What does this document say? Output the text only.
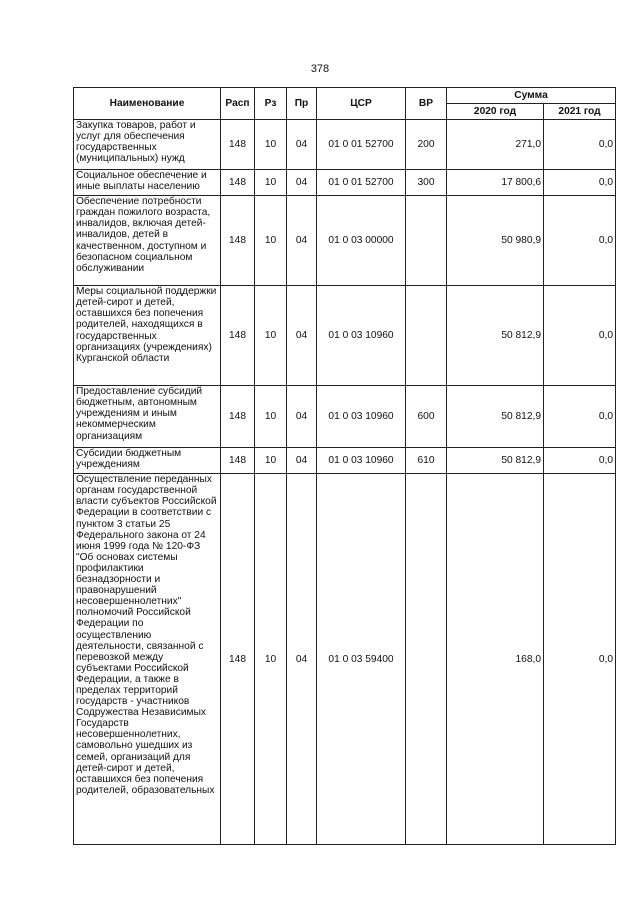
378
Наименование	Расп	Рз	Пр	ЦСР	ВР	Сумма	
						2020 год	2021 год
Закупка товаров, работ и услуг для обеспечения государственных (муниципальных) нужд	148	10	04	01 0 01 52700	200	271,0	0,0
Социальное обеспечение и иные выплаты населению	148	10	04	01 0 01 52700	300	17 800,6	0,0
Обеспечение потребности граждан пожилого возраста, инвалидов, включая детей-инвалидов, детей в качественном, доступном и безопасном социальном обслуживании	148	10	04	01 0 03 00000		50 980,9	0,0
Меры социальной поддержки детей-сирот и детей, оставшихся без попечения родителей, находящихся в государственных организациях (учреждениях) Курганской области	148	10	04	01 0 03 10960		50 812,9	0,0
Предоставление субсидий бюджетным, автономным учреждениям и иным некоммерческим организациям	148	10	04	01 0 03 10960	600	50 812,9	0,0
Субсидии бюджетным учреждениям	148	10	04	01 0 03 10960	610	50 812,9	0,0
Осуществление переданных органам государственной власти субъектов Российской Федерации в соответствии с пунктом 3 статьи 25 Федерального закона от 24 июня 1999 года № 120-ФЗ "Об основах системы профилактики безнадзорности и правонарушений несовершеннолетних" полномочий Российской Федерации по осуществлению деятельности, связанной с перевозкой между субъектами Российской Федерации, а также в пределах территорий государств - участников Содружества Независимых Государств несовершеннолетних, самовольно ушедших из семей, организаций для детей-сирот и детей, оставшихся без попечения родителей, образовательных	148	10	04	01 0 03 59400		168,0	0,0
